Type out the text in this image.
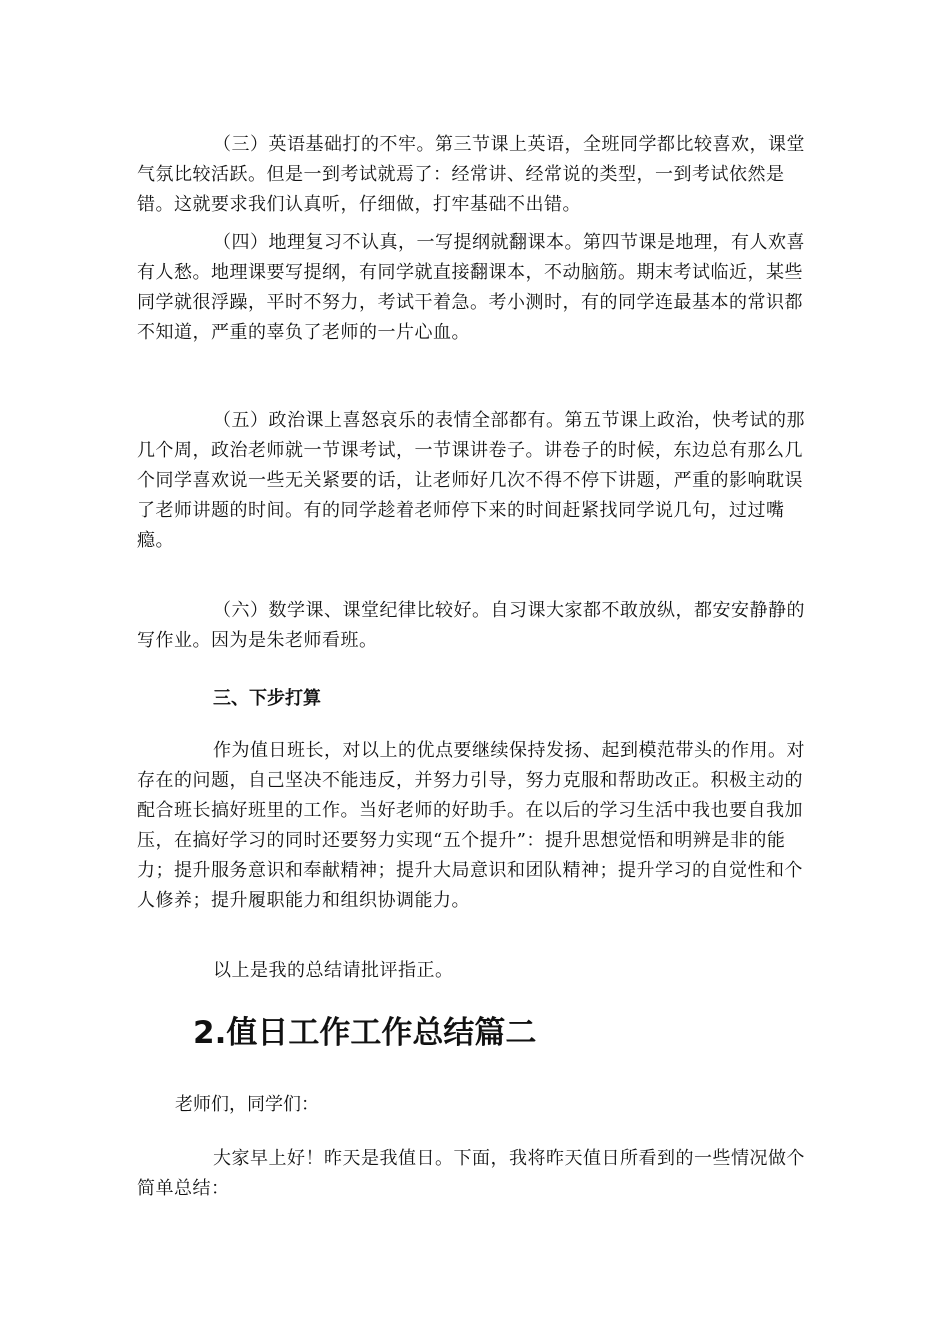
（三）英语基础打的不牢。第三节课上英语，全班同学都比较喜欢，课堂气氛比较活跃。但是一到考试就焉了：经常讲、经常说的类型，一到考试依然是错。这就要求我们认真听，仔细做，打牢基础不出错。

（四）地理复习不认真，一写提纲就翻课本。第四节课是地理，有人欢喜有人愁。地理课要写提纲，有同学就直接翻课本，不动脑筋。期末考试临近，某些同学就很浮躁，平时不努力，考试干着急。考小测时，有的同学连最基本的常识都不知道，严重的辜负了老师的一片心血。

（五）政治课上喜怒哀乐的表情全部都有。第五节课上政治，快考试的那几个周，政治老师就一节课考试，一节课讲卷子。讲卷子的时候，东边总有那么几个同学喜欢说一些无关紧要的话，让老师好几次不得不停下讲题，严重的影响耽误了老师讲题的时间。有的同学趁着老师停下来的时间赶紧找同学说几句，过过嘴瘾。

（六）数学课、课堂纪律比较好。自习课大家都不敢放纵，都安安静静的写作业。因为是朱老师看班。

三、下步打算

作为值日班长，对以上的优点要继续保持发扬、起到模范带头的作用。对存在的问题，自己坚决不能违反，并努力引导，努力克服和帮助改正。积极主动的配合班长搞好班里的工作。当好老师的好助手。在以后的学习生活中我也要自我加压，在搞好学习的同时还要努力实现“五个提升”：提升思想觉悟和明辨是非的能力；提升服务意识和奉献精神；提升大局意识和团队精神；提升学习的自觉性和个人修养；提升履职能力和组织协调能力。

以上是我的总结请批评指正。

2.值日工作工作总结篇二

老师们，同学们：

大家早上好！昨天是我值日。下面，我将昨天值日所看到的一些情况做个简单总结：
